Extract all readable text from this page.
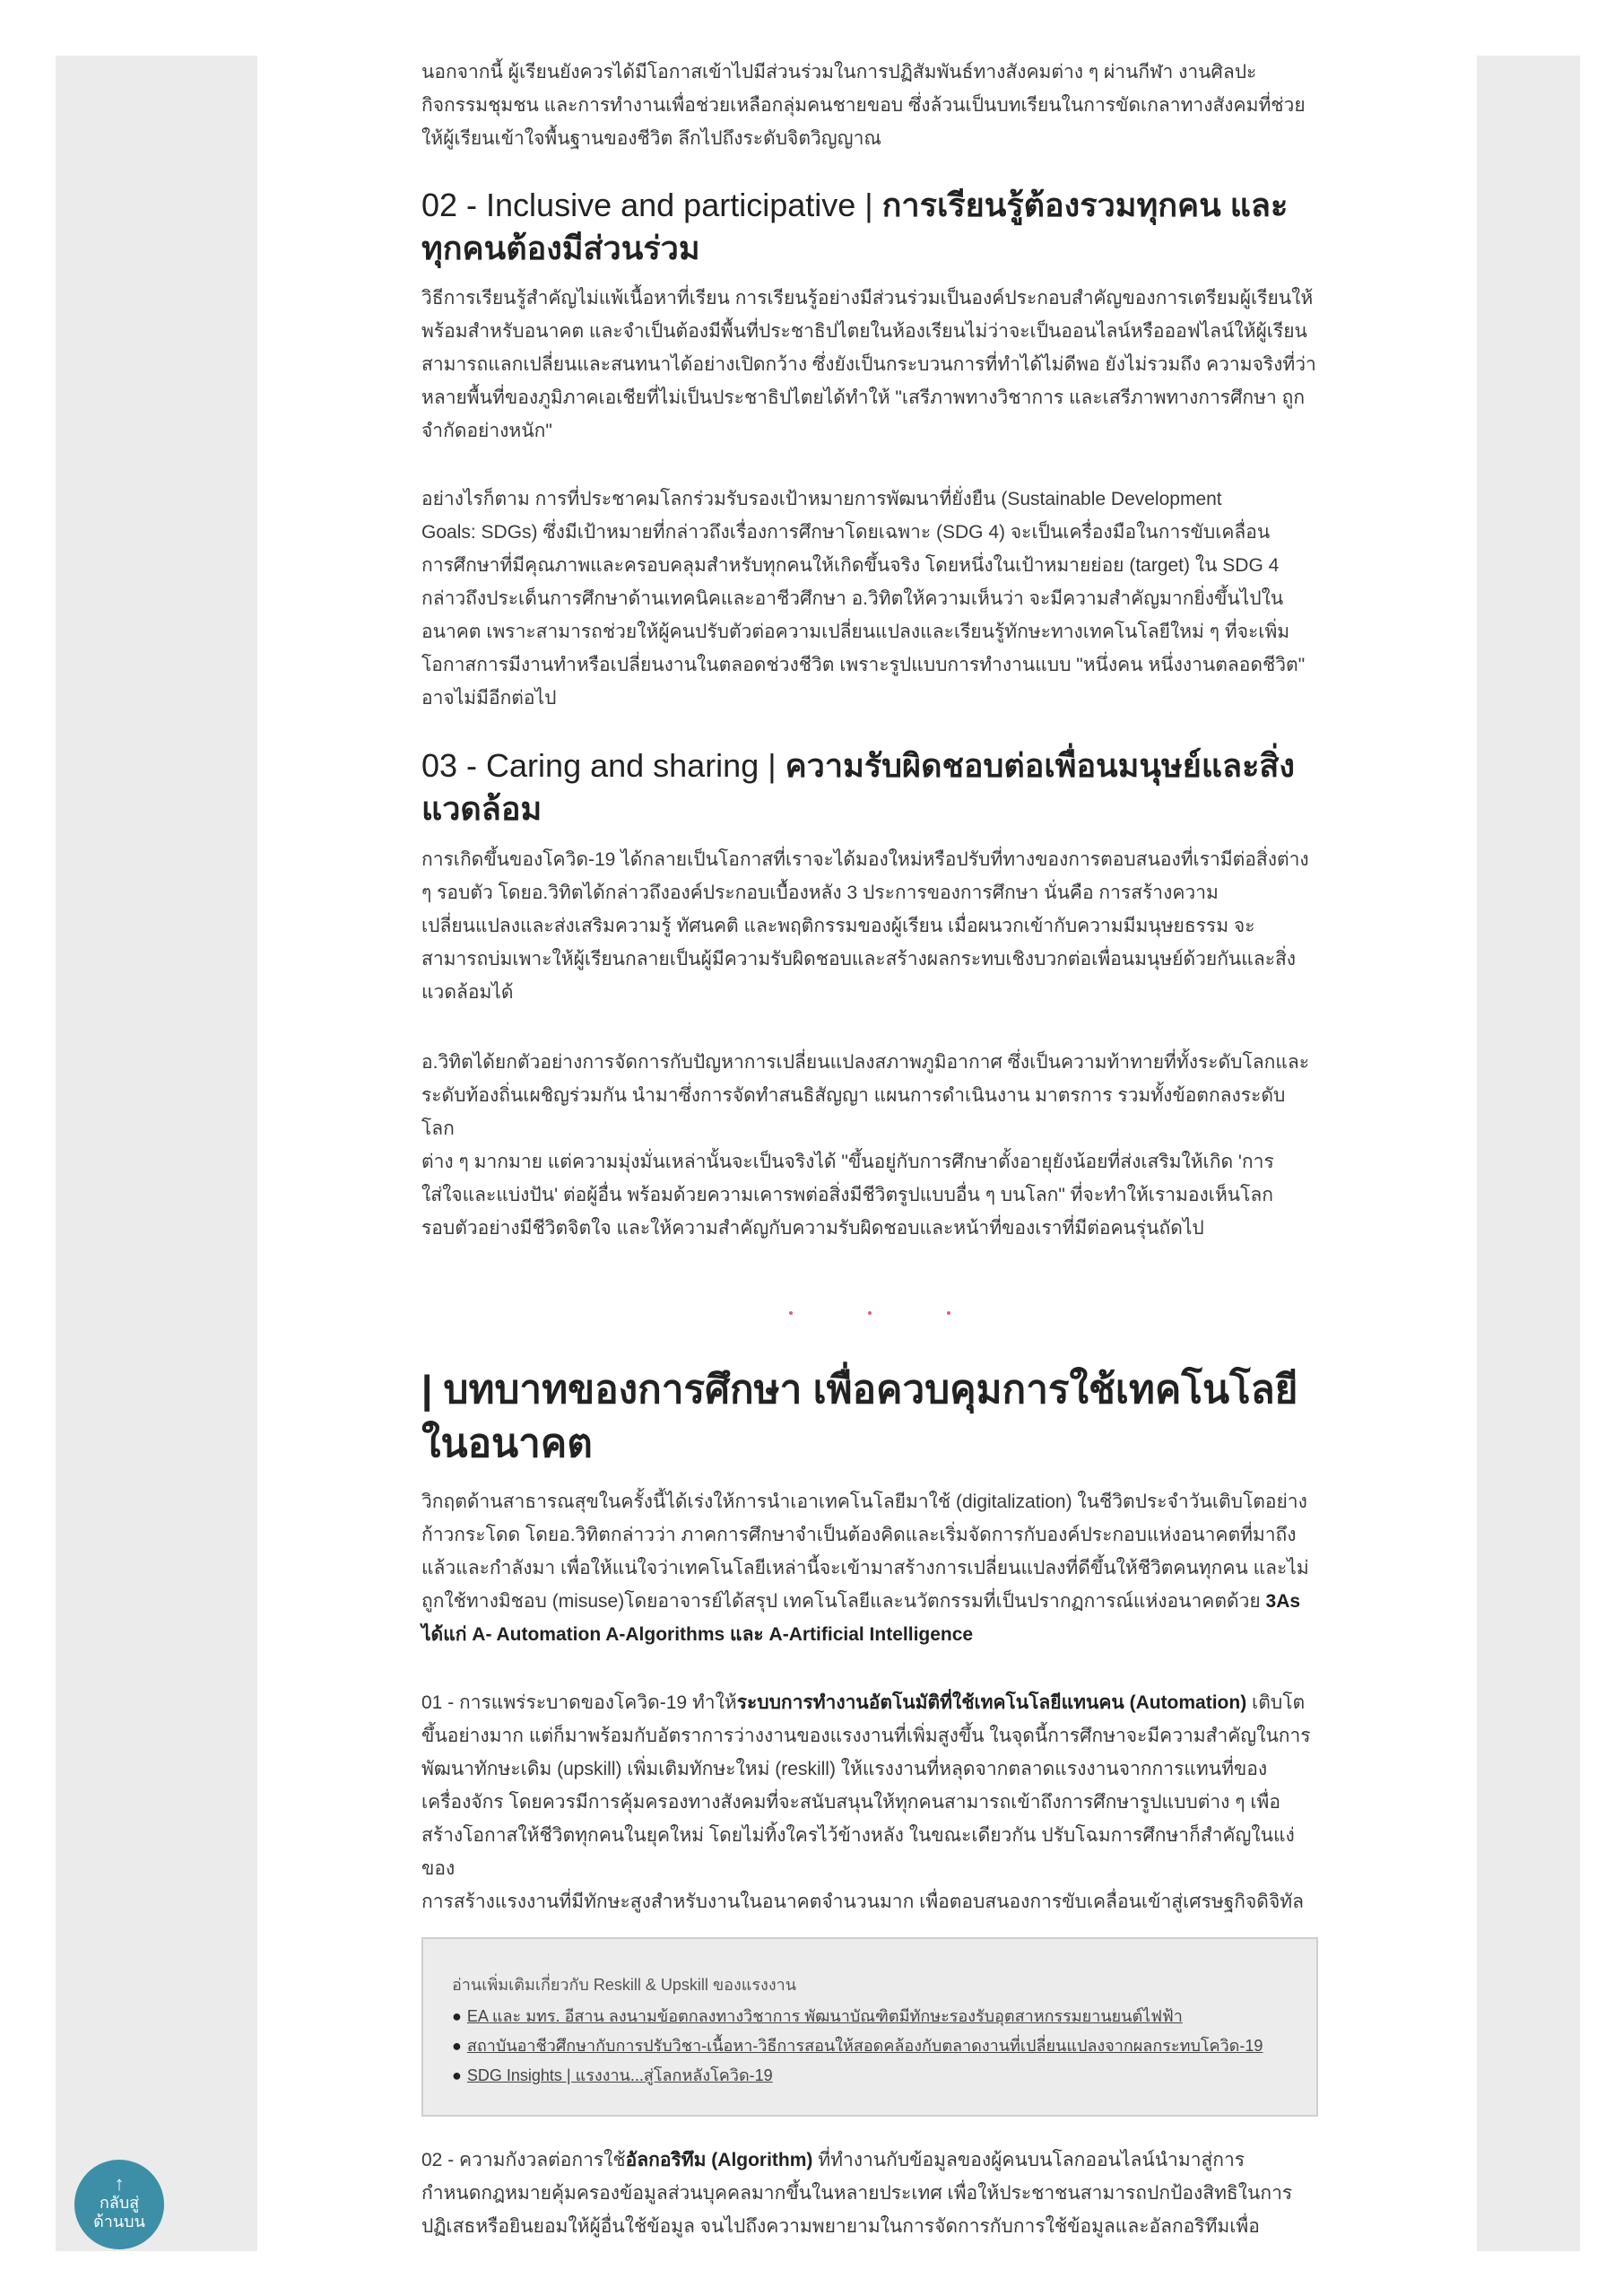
นอกจากนี้ ผู้เรียนยังควรได้มีโอกาสเข้าไปมีส่วนร่วมในการปฏิสัมพันธ์ทางสังคมต่าง ๆ ผ่านกีฬา งานศิลปะ
กิจกรรมชุมชน และการทำงานเพื่อช่วยเหลือกลุ่มคนชายขอบ ซึ่งล้วนเป็นบทเรียนในการขัดเกลาทางสังคมที่ช่วย
ให้ผู้เรียนเข้าใจพื้นฐานของชีวิต ลึกไปถึงระดับจิตวิญญาณ

02 - Inclusive and participative | การเรียนรู้ต้องรวมทุกคน และทุกคนต้องมีส่วนร่วม

วิธีการเรียนรู้สำคัญไม่แพ้เนื้อหาที่เรียน การเรียนรู้อย่างมีส่วนร่วมเป็นองค์ประกอบสำคัญของการเตรียมผู้เรียนให้
พร้อมสำหรับอนาคต และจำเป็นต้องมีพื้นที่ประชาธิปไตยในห้องเรียนไม่ว่าจะเป็นออนไลน์หรือออฟไลน์ให้ผู้เรียน
สามารถแลกเปลี่ยนและสนทนาได้อย่างเปิดกว้าง ซึ่งยังเป็นกระบวนการที่ทำได้ไม่ดีพอ ยังไม่รวมถึง ความจริงที่ว่า
หลายพื้นที่ของภูมิภาคเอเชียที่ไม่เป็นประชาธิปไตยได้ทำให้ "เสรีภาพทางวิชาการ และเสรีภาพทางการศึกษา ถูก
จำกัดอย่างหนัก"

อย่างไรก็ตาม การที่ประชาคมโลกร่วมรับรองเป้าหมายการพัฒนาที่ยั่งยืน (Sustainable Development
Goals: SDGs) ซึ่งมีเป้าหมายที่กล่าวถึงเรื่องการศึกษาโดยเฉพาะ (SDG 4) จะเป็นเครื่องมือในการขับเคลื่อน
การศึกษาที่มีคุณภาพและครอบคลุมสำหรับทุกคนให้เกิดขึ้นจริง โดยหนึ่งในเป้าหมายย่อย (target) ใน SDG 4
กล่าวถึงประเด็นการศึกษาด้านเทคนิคและอาชีวศึกษา อ.วิทิตให้ความเห็นว่า จะมีความสำคัญมากยิ่งขึ้นไปใน
อนาคต เพราะสามารถช่วยให้ผู้คนปรับตัวต่อความเปลี่ยนแปลงและเรียนรู้ทักษะทางเทคโนโลยีใหม่ ๆ ที่จะเพิ่ม
โอกาสการมีงานทำหรือเปลี่ยนงานในตลอดช่วงชีวิต เพราะรูปแบบการทำงานแบบ "หนึ่งคน หนึ่งงานตลอดชีวิต"
อาจไม่มีอีกต่อไป

03 - Caring and sharing | ความรับผิดชอบต่อเพื่อนมนุษย์และสิ่งแวดล้อม

การเกิดขึ้นของโควิด-19 ได้กลายเป็นโอกาสที่เราจะได้มองใหม่หรือปรับที่ทางของการตอบสนองที่เรามีต่อสิ่งต่าง
ๆ รอบตัว โดยอ.วิทิตได้กล่าวถึงองค์ประกอบเบื้องหลัง 3 ประการของการศึกษา นั่นคือ การสร้างความ
เปลี่ยนแปลงและส่งเสริมความรู้ ทัศนคติ และพฤติกรรมของผู้เรียน เมื่อผนวกเข้ากับความมีมนุษยธรรม จะ
สามารถบ่มเพาะให้ผู้เรียนกลายเป็นผู้มีความรับผิดชอบและสร้างผลกระทบเชิงบวกต่อเพื่อนมนุษย์ด้วยกันและสิ่ง
แวดล้อมได้

อ.วิทิตได้ยกตัวอย่างการจัดการกับปัญหาการเปลี่ยนแปลงสภาพภูมิอากาศ ซึ่งเป็นความท้าทายที่ทั้งระดับโลกและ
ระดับท้องถิ่นเผชิญร่วมกัน นำมาซึ่งการจัดทำสนธิสัญญา แผนการดำเนินงาน มาตรการ รวมทั้งข้อตกลงระดับโลก
ต่าง ๆ มากมาย แต่ความมุ่งมั่นเหล่านั้นจะเป็นจริงได้ "ขึ้นอยู่กับการศึกษาตั้งอายุยังน้อยที่ส่งเสริมให้เกิด 'การ
ใส่ใจและแบ่งปัน' ต่อผู้อื่น พร้อมด้วยความเคารพต่อสิ่งมีชีวิตรูปแบบอื่น ๆ บนโลก" ที่จะทำให้เรามองเห็นโลก
รอบตัวอย่างมีชีวิตจิตใจ และให้ความสำคัญกับความรับผิดชอบและหน้าที่ของเราที่มีต่อคนรุ่นถัดไป

| บทบาทของการศึกษา เพื่อควบคุมการใช้เทคโนโลยีในอนาคต

วิกฤตด้านสาธารณสุขในครั้งนี้ได้เร่งให้การนำเอาเทคโนโลยีมาใช้ (digitalization) ในชีวิตประจำวันเติบโตอย่าง
ก้าวกระโดด โดยอ.วิทิตกล่าวว่า ภาคการศึกษาจำเป็นต้องคิดและเริ่มจัดการกับองค์ประกอบแห่งอนาคตที่มาถึง
แล้วและกำลังมา เพื่อให้แน่ใจว่าเทคโนโลยีเหล่านี้จะเข้ามาสร้างการเปลี่ยนแปลงที่ดีขึ้นให้ชีวิตคนทุกคน และไม่
ถูกใช้ทางมิชอบ (misuse)โดยอาจารย์ได้สรุป เทคโนโลยีและนวัตกรรมที่เป็นปรากฏการณ์แห่งอนาคตด้วย 3As
ได้แก่ A- Automation A-Algorithms และ A-Artificial Intelligence

01 - การแพร่ระบาดของโควิด-19 ทำให้ระบบการทำงานอัตโนมัติที่ใช้เทคโนโลยีแทนคน (Automation) เติบโต
ขึ้นอย่างมาก แต่ก็มาพร้อมกับอัตราการว่างงานของแรงงานที่เพิ่มสูงขึ้น ในจุดนี้การศึกษาจะมีความสำคัญในการ
พัฒนาทักษะเดิม (upskill) เพิ่มเติมทักษะใหม่ (reskill) ให้แรงงานที่หลุดจากตลาดแรงงานจากการแทนที่ของ
เครื่องจักร โดยควรมีการคุ้มครองทางสังคมที่จะสนับสนุนให้ทุกคนสามารถเข้าถึงการศึกษารูปแบบต่าง ๆ เพื่อ
สร้างโอกาสให้ชีวิตทุกคนในยุคใหม่ โดยไม่ทิ้งใครไว้ข้างหลัง ในขณะเดียวกัน ปรับโฉมการศึกษาก็สำคัญในแง่ของ
การสร้างแรงงานที่มีทักษะสูงสำหรับงานในอนาคตจำนวนมาก เพื่อตอบสนองการขับเคลื่อนเข้าสู่เศรษฐกิจดิจิทัล

อ่านเพิ่มเติมเกี่ยวกับ Reskill & Upskill ของแรงงาน
● EA และ มทร. อีสาน ลงนามข้อตกลงทางวิชาการ พัฒนาบัณฑิตมีทักษะรองรับอุตสาหกรรมยานยนต์ไฟฟ้า
● สถาบันอาชีวศึกษากับการปรับวิชา-เนื้อหา-วิธีการสอนให้สอดคล้องกับตลาดงานที่เปลี่ยนแปลงจากผลกระทบโควิด-19
● SDG Insights | แรงงาน...สู่โลกหลังโควิด-19

02 - ความกังวลต่อการใช้อัลกอริทึม (Algorithm) ที่ทำงานกับข้อมูลของผู้คนบนโลกออนไลน์นำมาสู่การ
กำหนดกฎหมายคุ้มครองข้อมูลส่วนบุคคลมากขึ้นในหลายประเทศ เพื่อให้ประชาชนสามารถปกป้องสิทธิในการ
ปฏิเสธหรือยินยอมให้ผู้อื่นใช้ข้อมูล จนไปถึงความพยายามในการจัดการกับการใช้ข้อมูลและอัลกอริทึมเพื่อ

↑
กลับสู่
ด้านบน
